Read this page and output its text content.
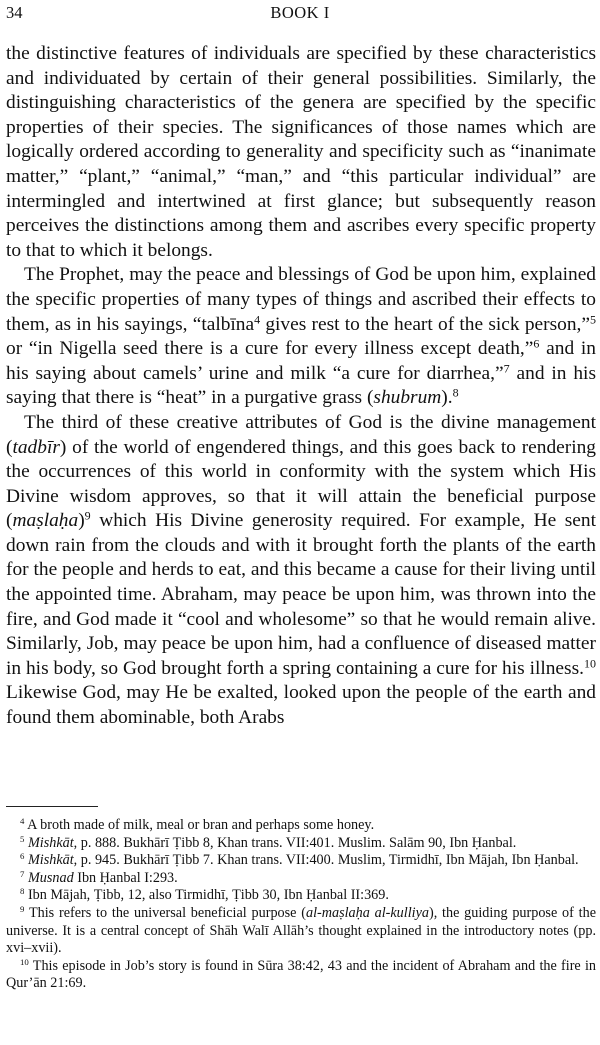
34	BOOK I

the distinctive features of individuals are specified by these characteristics and individuated by certain of their general possibilities. Similarly, the distinguishing characteristics of the genera are specified by the specific properties of their species. The significances of those names which are logically ordered according to generality and specificity such as “inanimate matter,” “plant,” “animal,” “man,” and “this particular individual” are intermingled and intertwined at first glance; but subsequently reason perceives the distinctions among them and ascribes every specific property to that to which it belongs.

The Prophet, may the peace and blessings of God be upon him, explained the specific properties of many types of things and ascribed their effects to them, as in his sayings, “talbīna$^4$ gives rest to the heart of the sick person,”$^5$ or “in Nigella seed there is a cure for every illness except death,”$^6$ and in his saying about camels’ urine and milk “a cure for diarrhea,”$^7$ and in his saying that there is “heat” in a purgative grass (shubrum).$^8$

The third of these creative attributes of God is the divine management (tadbīr) of the world of engendered things, and this goes back to rendering the occurrences of this world in conformity with the system which His Divine wisdom approves, so that it will attain the beneficial purpose (maṣlaḥa)$^9$ which His Divine generosity required. For example, He sent down rain from the clouds and with it brought forth the plants of the earth for the people and herds to eat, and this became a cause for their living until the appointed time. Abraham, may peace be upon him, was thrown into the fire, and God made it “cool and wholesome” so that he would remain alive. Similarly, Job, may peace be upon him, had a confluence of diseased matter in his body, so God brought forth a spring containing a cure for his illness.$^{10}$ Likewise God, may He be exalted, looked upon the people of the earth and found them abominable, both Arabs

$^4$ A broth made of milk, meal or bran and perhaps some honey.

$^5$ Mishkāt, p. 888. Bukhārī Ṭibb 8, Khan trans. VII:401. Muslim. Salām 90, Ibn Ḥanbal.

$^6$ Mishkāt, p. 945. Bukhārī Ṭibb 7. Khan trans. VII:400. Muslim, Tirmidhī, Ibn Mājah, Ibn Ḥanbal.

$^7$ Musnad Ibn Ḥanbal I:293.

$^8$ Ibn Mājah, Ṭibb, 12, also Tirmidhī, Ṭibb 30, Ibn Ḥanbal II:369.

$^9$ This refers to the universal beneficial purpose (al-maṣlaḥa al-kulliya), the guiding purpose of the universe. It is a central concept of Shāh Walī Allāh’s thought explained in the introductory notes (pp. xvi–xvii).

$^{10}$ This episode in Job’s story is found in Sūra 38:42, 43 and the incident of Abraham and the fire in Qur’ān 21:69.
